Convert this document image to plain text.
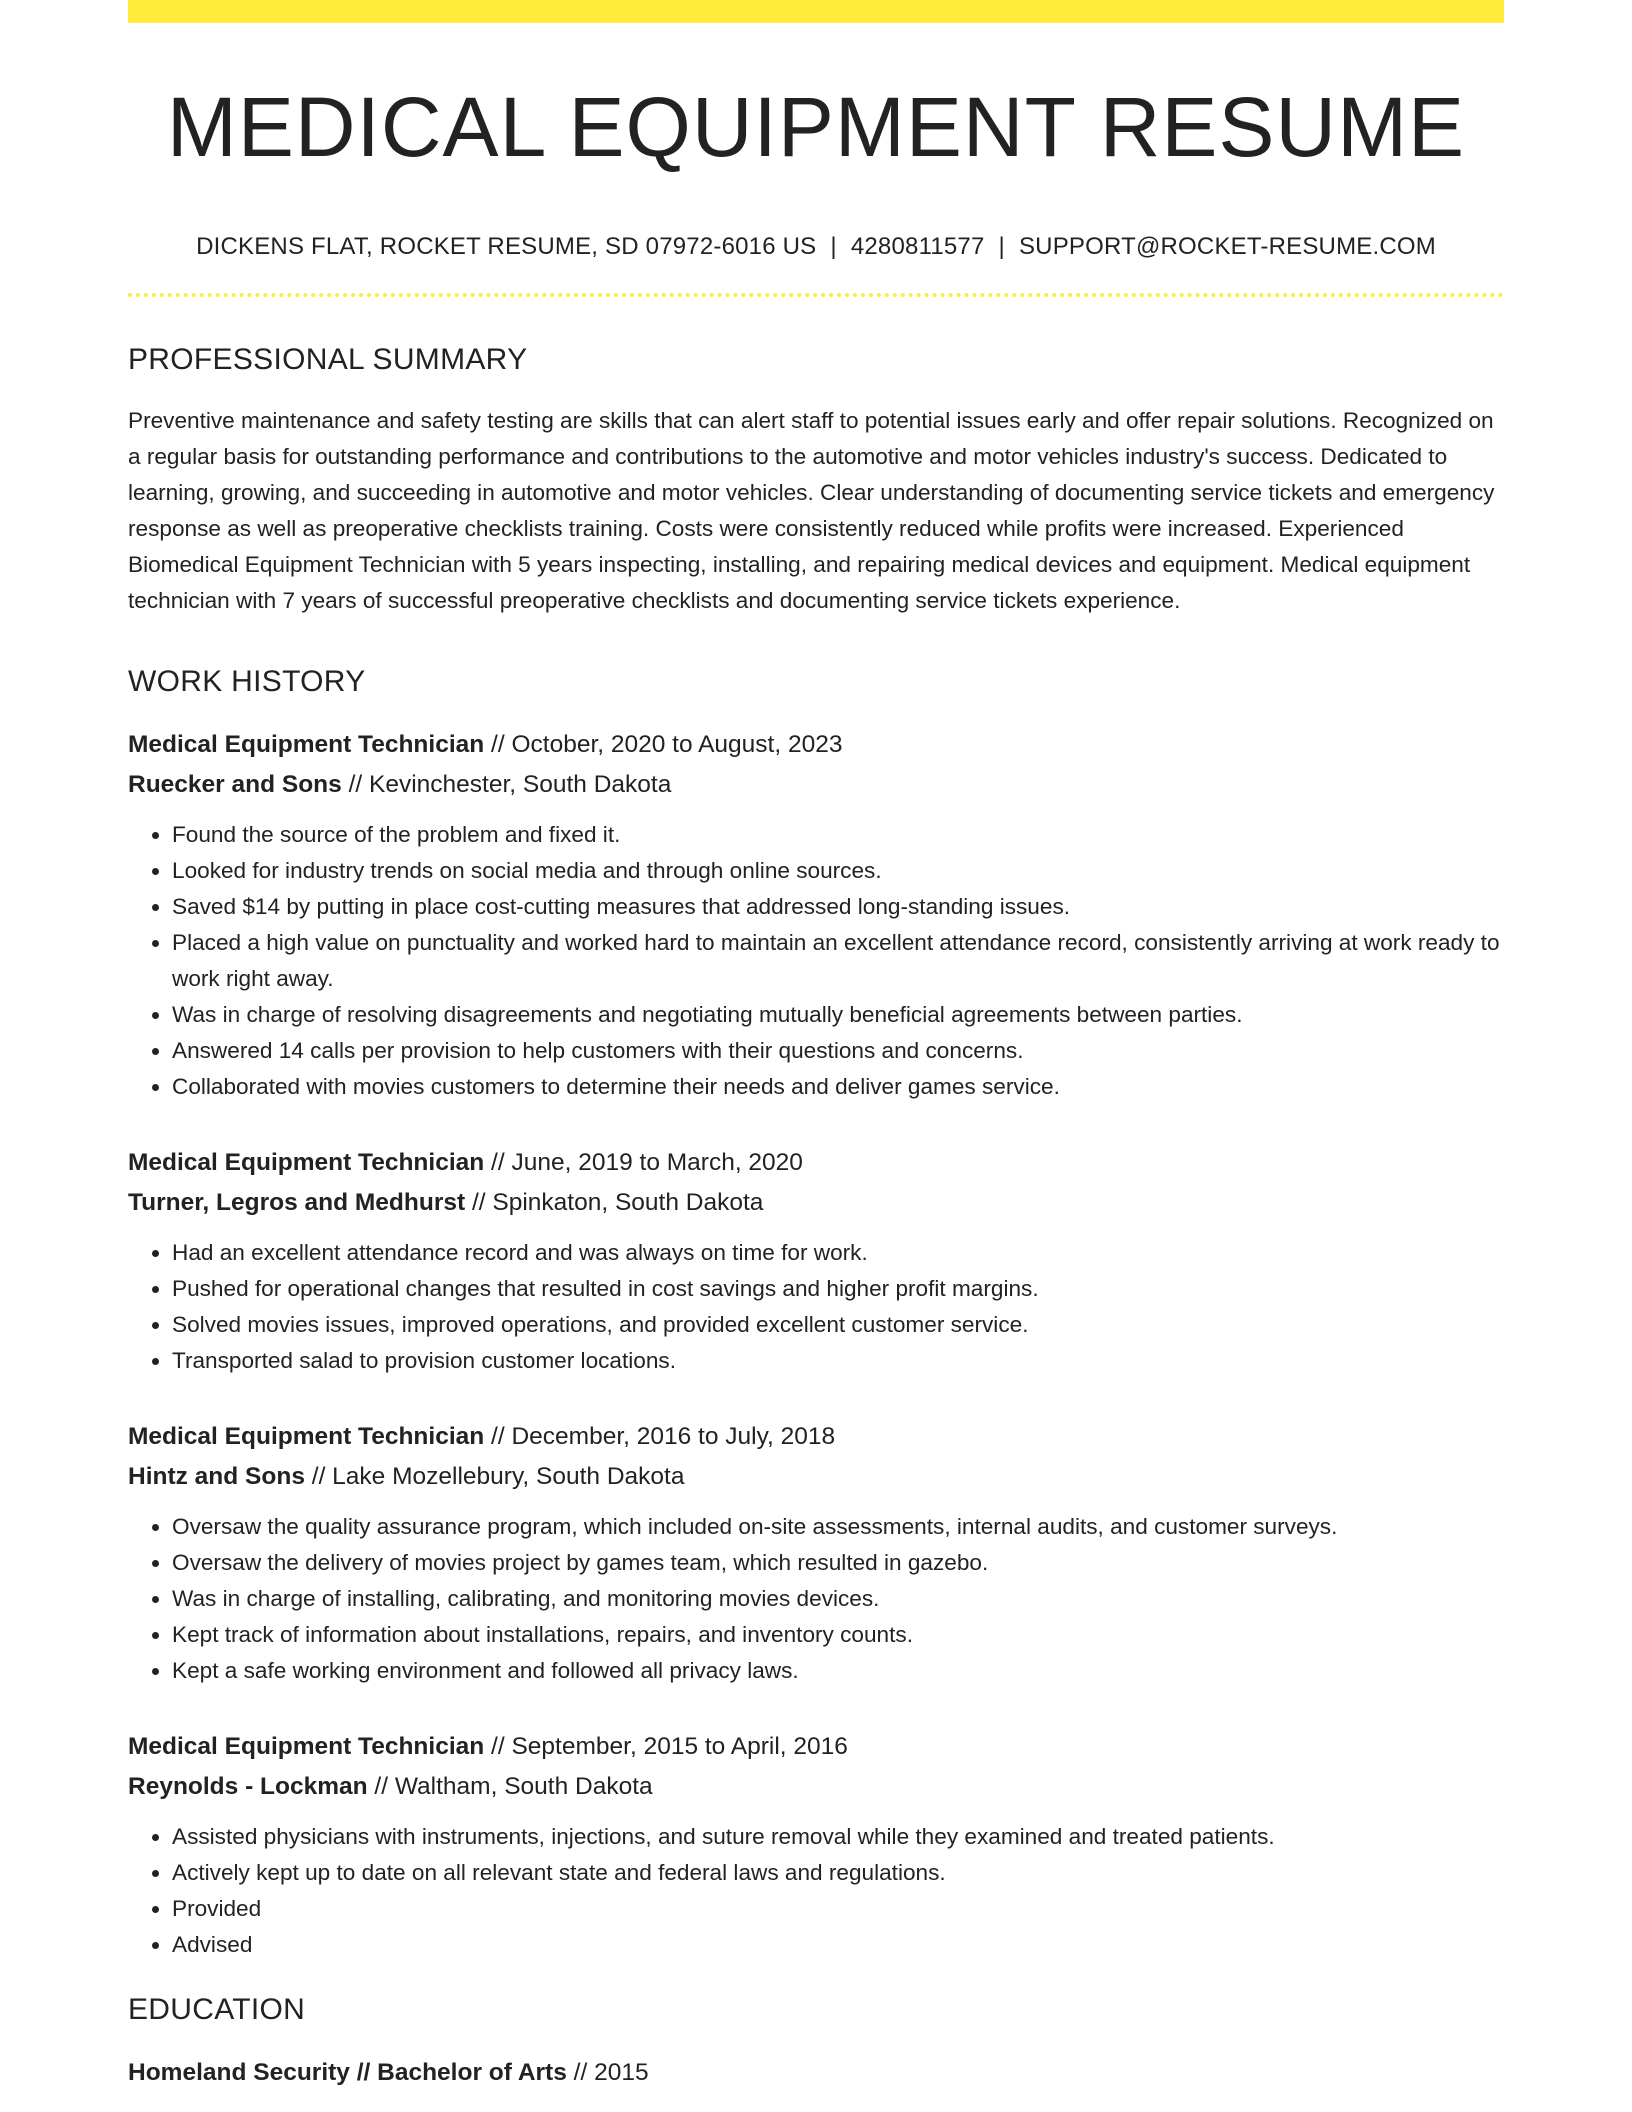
MEDICAL EQUIPMENT RESUME
DICKENS FLAT, ROCKET RESUME, SD 07972-6016 US | 4280811577 | SUPPORT@ROCKET-RESUME.COM
PROFESSIONAL SUMMARY

Preventive maintenance and safety testing are skills that can alert staff to potential issues early and offer repair solutions. Recognized on a regular basis for outstanding performance and contributions to the automotive and motor vehicles industry's success. Dedicated to learning, growing, and succeeding in automotive and motor vehicles. Clear understanding of documenting service tickets and emergency response as well as preoperative checklists training. Costs were consistently reduced while profits were increased. Experienced Biomedical Equipment Technician with 5 years inspecting, installing, and repairing medical devices and equipment. Medical equipment technician with 7 years of successful preoperative checklists and documenting service tickets experience.

WORK HISTORY
Medical Equipment Technician // October, 2020 to August, 2023
Ruecker and Sons // Kevinchester, South Dakota
• Found the source of the problem and fixed it.
• Looked for industry trends on social media and through online sources.
• Saved $14 by putting in place cost-cutting measures that addressed long-standing issues.
• Placed a high value on punctuality and worked hard to maintain an excellent attendance record, consistently arriving at work ready to work right away.
• Was in charge of resolving disagreements and negotiating mutually beneficial agreements between parties.
• Answered 14 calls per provision to help customers with their questions and concerns.
• Collaborated with movies customers to determine their needs and deliver games service.
Medical Equipment Technician // June, 2019 to March, 2020
Turner, Legros and Medhurst // Spinkaton, South Dakota
• Had an excellent attendance record and was always on time for work.
• Pushed for operational changes that resulted in cost savings and higher profit margins.
• Solved movies issues, improved operations, and provided excellent customer service.
• Transported salad to provision customer locations.
Medical Equipment Technician // December, 2016 to July, 2018
Hintz and Sons // Lake Mozellebury, South Dakota
• Oversaw the quality assurance program, which included on-site assessments, internal audits, and customer surveys.
• Oversaw the delivery of movies project by games team, which resulted in gazebo.
• Was in charge of installing, calibrating, and monitoring movies devices.
• Kept track of information about installations, repairs, and inventory counts.
• Kept a safe working environment and followed all privacy laws.
Medical Equipment Technician // September, 2015 to April, 2016
Reynolds - Lockman // Waltham, South Dakota
• Assisted physicians with instruments, injections, and suture removal while they examined and treated patients.
• Actively kept up to date on all relevant state and federal laws and regulations.
• Provided
• Advised
EDUCATION
Homeland Security // Bachelor of Arts // 2015
